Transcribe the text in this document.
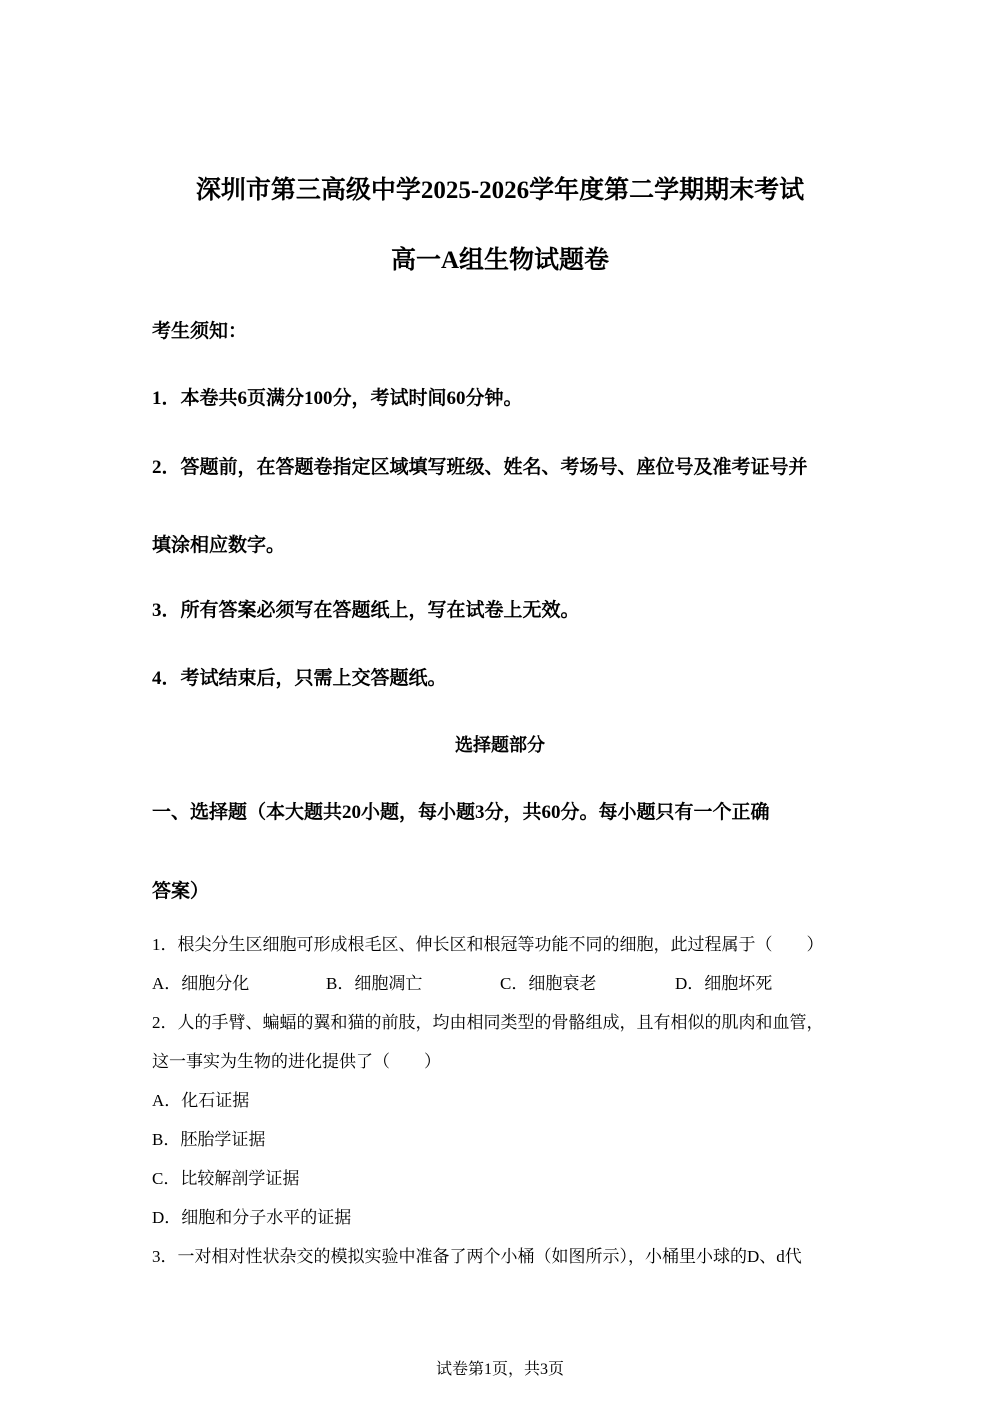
深圳市第三高级中学2025-2026学年度第二学期期末考试
高一A组生物试题卷
考生须知：
1．本卷共6页满分100分，考试时间60分钟。
2．答题前，在答题卷指定区域填写班级、姓名、考场号、座位号及准考证号并
填涂相应数字。
3．所有答案必须写在答题纸上，写在试卷上无效。
4．考试结束后，只需上交答题纸。
选择题部分
一、选择题（本大题共20小题，每小题3分，共60分。每小题只有一个正确
答案）
1．根尖分生区细胞可形成根毛区、伸长区和根冠等功能不同的细胞，此过程属于（　　）
A．细胞分化	B．细胞凋亡	C．细胞衰老	D．细胞坏死
2．人的手臂、蝙蝠的翼和猫的前肢，均由相同类型的骨骼组成，且有相似的肌肉和血管，
这一事实为生物的进化提供了（　　）
A．化石证据
B．胚胎学证据
C．比较解剖学证据
D．细胞和分子水平的证据
3．一对相对性状杂交的模拟实验中准备了两个小桶（如图所示），小桶里小球的D、d代
试卷第1页，共3页
